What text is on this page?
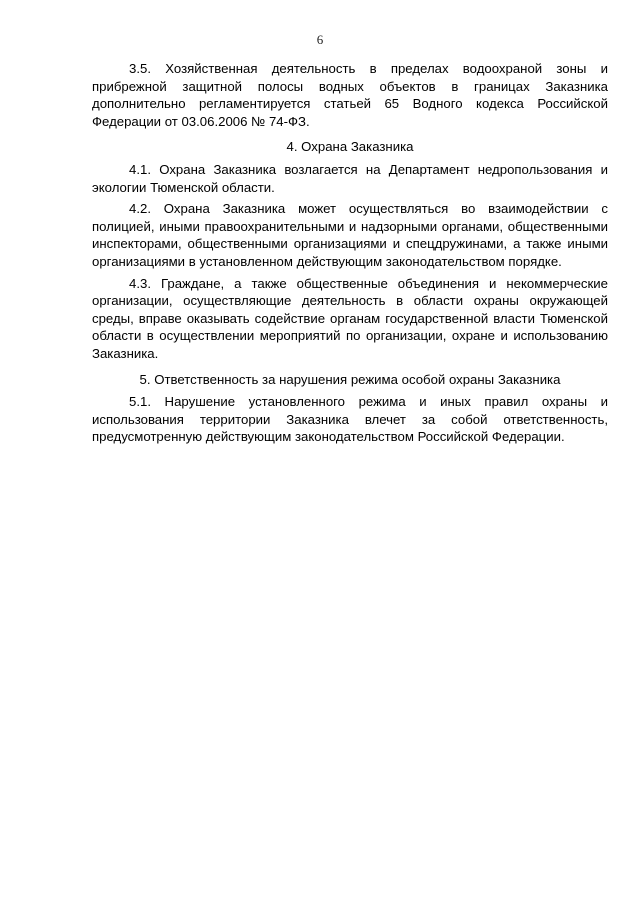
6

3.5. Хозяйственная деятельность в пределах водоохраной зоны и прибрежной защитной полосы водных объектов в границах Заказника дополнительно регламентируется статьей 65 Водного кодекса Российской Федерации от 03.06.2006 № 74-ФЗ.

4. Охрана Заказника

4.1. Охрана Заказника возлагается на Департамент недропользования и экологии Тюменской области.

4.2. Охрана Заказника может осуществляться во взаимодействии с полицией, иными правоохранительными и надзорными органами, общественными инспекторами, общественными организациями и спецдружинами, а также иными организациями в установленном действующим законодательством порядке.

4.3. Граждане, а также общественные объединения и некоммерческие организации, осуществляющие деятельность в области охраны окружающей среды, вправе оказывать содействие органам государственной власти Тюменской области в осуществлении мероприятий по организации, охране и использованию Заказника.

5. Ответственность за нарушения режима особой охраны Заказника

5.1. Нарушение установленного режима и иных правил охраны и использования территории Заказника влечет за собой ответственность, предусмотренную действующим законодательством Российской Федерации.
